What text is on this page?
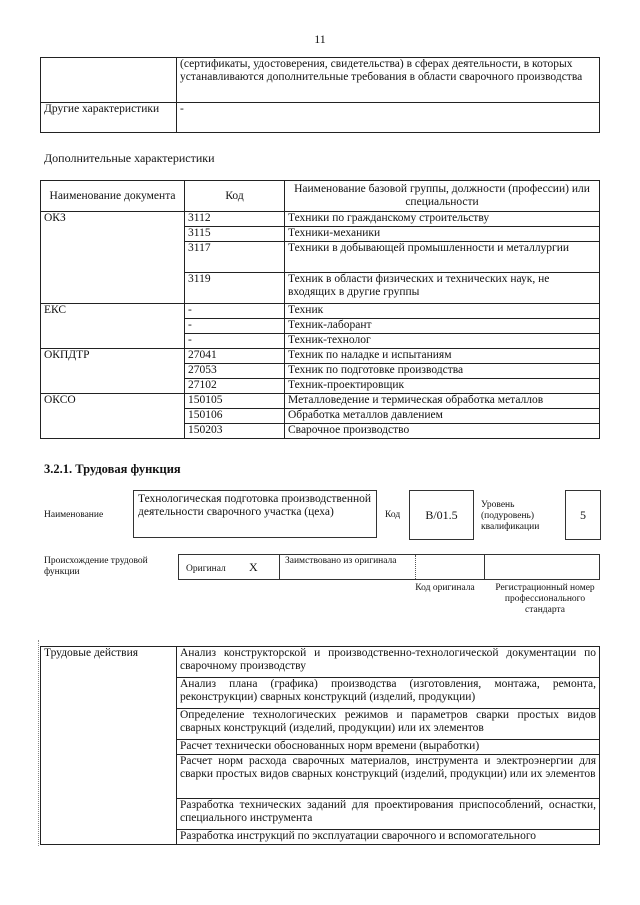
11
	(сертификаты, удостоверения, свидетельства) в сферах деятельности, в которых устанавливаются дополнительные требования в области сварочного производства
Другие характеристики	-
Дополнительные характеристики
Наименование документа	Код	Наименование базовой группы, должности (профессии) или специальности
ОКЗ	3112	Техники по гражданскому строительству
	3115	Техники-механики
	3117	Техники в добывающей промышленности и металлургии
	3119	Техник в области физических и технических наук, не входящих в другие группы
ЕКС	-	Техник
	-	Техник-лаборант
	-	Техник-технолог
ОКПДТР	27041	Техник по наладке и испытаниям
	27053	Техник по подготовке производства
	27102	Техник-проектировщик
ОКСО	150105	Металловедение и термическая обработка металлов
	150106	Обработка металлов давлением
	150203	Сварочное производство
3.2.1. Трудовая функция
Наименование
Технологическая подготовка производственной деятельности сварочного участка (цеха)	Код	B/01.5
Уровень (подуровень) квалификации
5
Происхождение трудовой функции	Оригинал X	Заимствовано из оригинала
Код оригинала	Регистрационный номер профессионального стандарта
Трудовые действия	Анализ конструкторской и производственно-технологической документации по сварочному производству
Анализ плана (графика) производства (изготовления, монтажа, ремонта, реконструкции) сварных конструкций (изделий, продукции)
Определение технологических режимов и параметров сварки простых видов сварных конструкций (изделий, продукции) или их элементов
Расчет технически обоснованных норм времени (выработки)
Расчет норм расхода сварочных материалов, инструмента и электроэнергии для сварки простых видов сварных конструкций (изделий, продукции) или их элементов
Разработка технических заданий для проектирования приспособлений, оснастки, специального инструмента
Разработка инструкций по эксплуатации сварочного и вспомогательного
